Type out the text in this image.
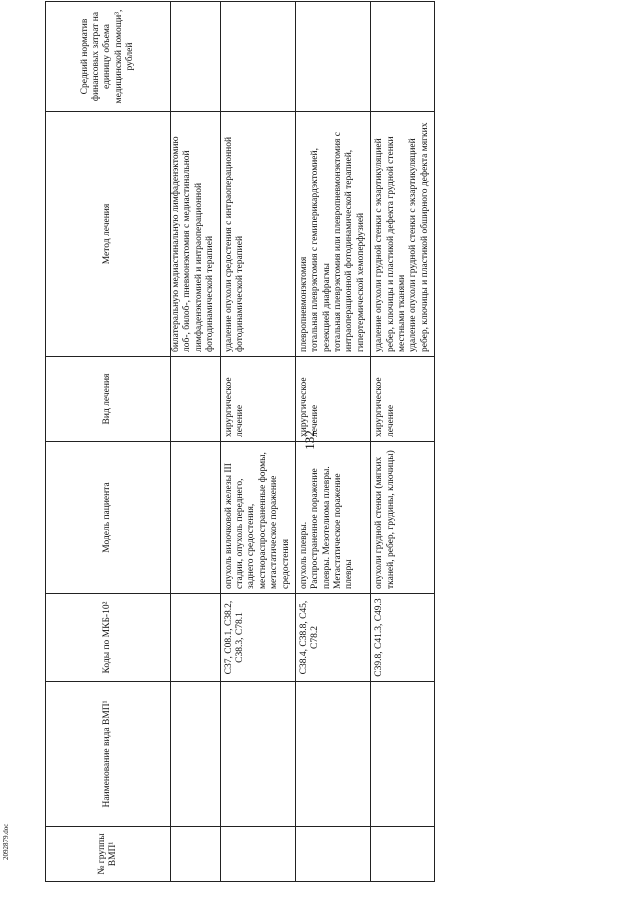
132
2092879.doc	№ группы ВМП¹	Наименование вида ВМП¹	Коды по МКБ-10²	Модель пациента	Вид лечения	Метод лечения	Средний норматив финансовых затрат на единицу объема медицинской помощи³, рублей
					билатеральную медиастинальную лимфаденэктомию
лоб-, билоб-, пневмонэктомия с медиастинальной лимфаденэктомией и интраоперационной фотодинамической терапией	
		С37, С08.1, С38.2, С38.3, С78.1	опухоль вилочковой железы III стадии, опухоль переднего, заднего средостения, местнораспространенные формы, метастатическое поражение средостения	хирургическое лечение	удаление опухоли средостения с интраоперационной фотодинамической терапией	
		С38.4, С38.8, С45, С78.2	опухоль плевры. Распространенное поражение плевры. Мезотелиома плевры. Метастатическое поражение плевры	хирургическое лечение	плевропневмонэктомия
тотальная плеврэктомия с гемиперикардэктомией, резекцией диафрагмы
тотальная плеврэктомия или плевропневмонэктомия с интраоперационной фотодинамической терапией, гипертермической хемоперфузией	
		С39.8, С41.3, С49.3	опухоли грудной стенки (мягких тканей, ребер, грудины, ключицы)	хирургическое лечение	удаление опухоли грудной стенки с экзартикуляцией ребер, ключицы и пластикой дефекта грудной стенки местными тканями
удаление опухоли грудной стенки с экзартикуляцией ребер, ключицы и пластикой обширного дефекта мягких	
